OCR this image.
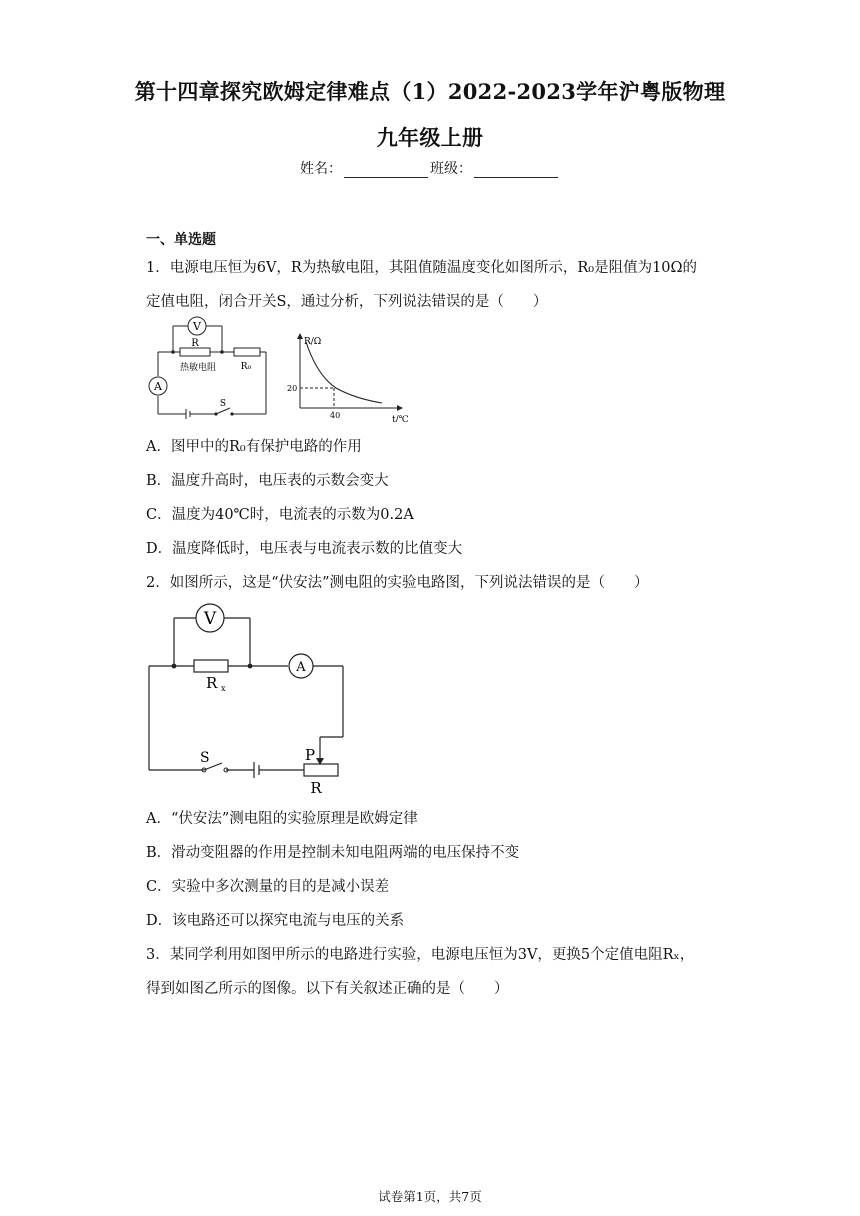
第十四章探究欧姆定律难点（1）2022-2023学年沪粤版物理
九年级上册
姓名：	班级：
一、单选题
1．电源电压恒为6V，R为热敏电阻，其阻值随温度变化如图所示，R₀是阻值为10Ω的
定值电阻，闭合开关S，通过分析，下列说法错误的是（　　）
V
A
R
热敏电阻	R₀
S
R/Ω
t/℃
20
40
A．图甲中的R₀有保护电路的作用
B．温度升高时，电压表的示数会变大
C．温度为40℃时，电流表的示数为0.2A
D．温度降低时，电压表与电流表示数的比值变大
2．如图所示，这是“伏安法”测电阻的实验电路图，下列说法错误的是（　　）
V
A
R x
S	P
R
A．“伏安法”测电阻的实验原理是欧姆定律
B．滑动变阻器的作用是控制未知电阻两端的电压保持不变
C．实验中多次测量的目的是减小误差
D．该电路还可以探究电流与电压的关系
3．某同学利用如图甲所示的电路进行实验，电源电压恒为3V，更换5个定值电阻Rₓ，
得到如图乙所示的图像。以下有关叙述正确的是（　　）
试卷第1页，共7页
